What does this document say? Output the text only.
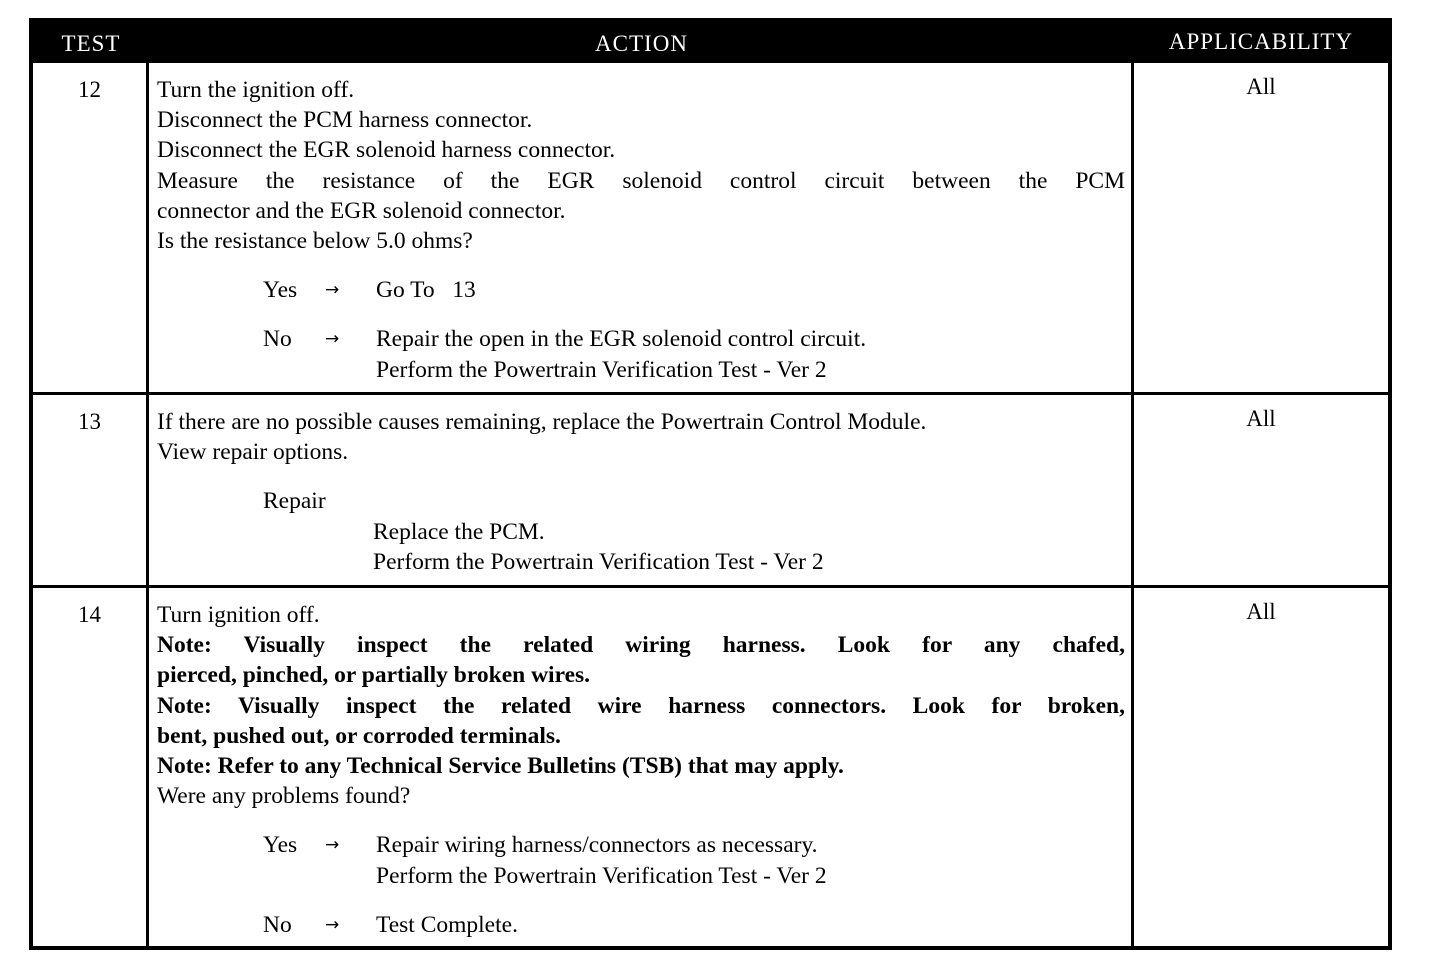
TEST	ACTION	APPLICABILITY
12	Turn the ignition off.
Disconnect the PCM harness connector.
Disconnect the EGR solenoid harness connector.
Measure the resistance of the EGR solenoid control circuit between the PCM
connector and the EGR solenoid connector.
Is the resistance below 5.0 ohms?
Yes	→	Go To   13
No	→	Repair the open in the EGR solenoid control circuit.
Perform the Powertrain Verification Test - Ver 2
All
13	If there are no possible causes remaining, replace the Powertrain Control Module.
View repair options.
Repair
Replace the PCM.
Perform the Powertrain Verification Test - Ver 2
All
14	Turn ignition off.
Note: Visually inspect the related wiring harness. Look for any chafed,
pierced, pinched, or partially broken wires.
Note: Visually inspect the related wire harness connectors. Look for broken,
bent, pushed out, or corroded terminals.
Note: Refer to any Technical Service Bulletins (TSB) that may apply.
Were any problems found?
Yes	→	Repair wiring harness/connectors as necessary.
Perform the Powertrain Verification Test - Ver 2
No	→	Test Complete.
All
